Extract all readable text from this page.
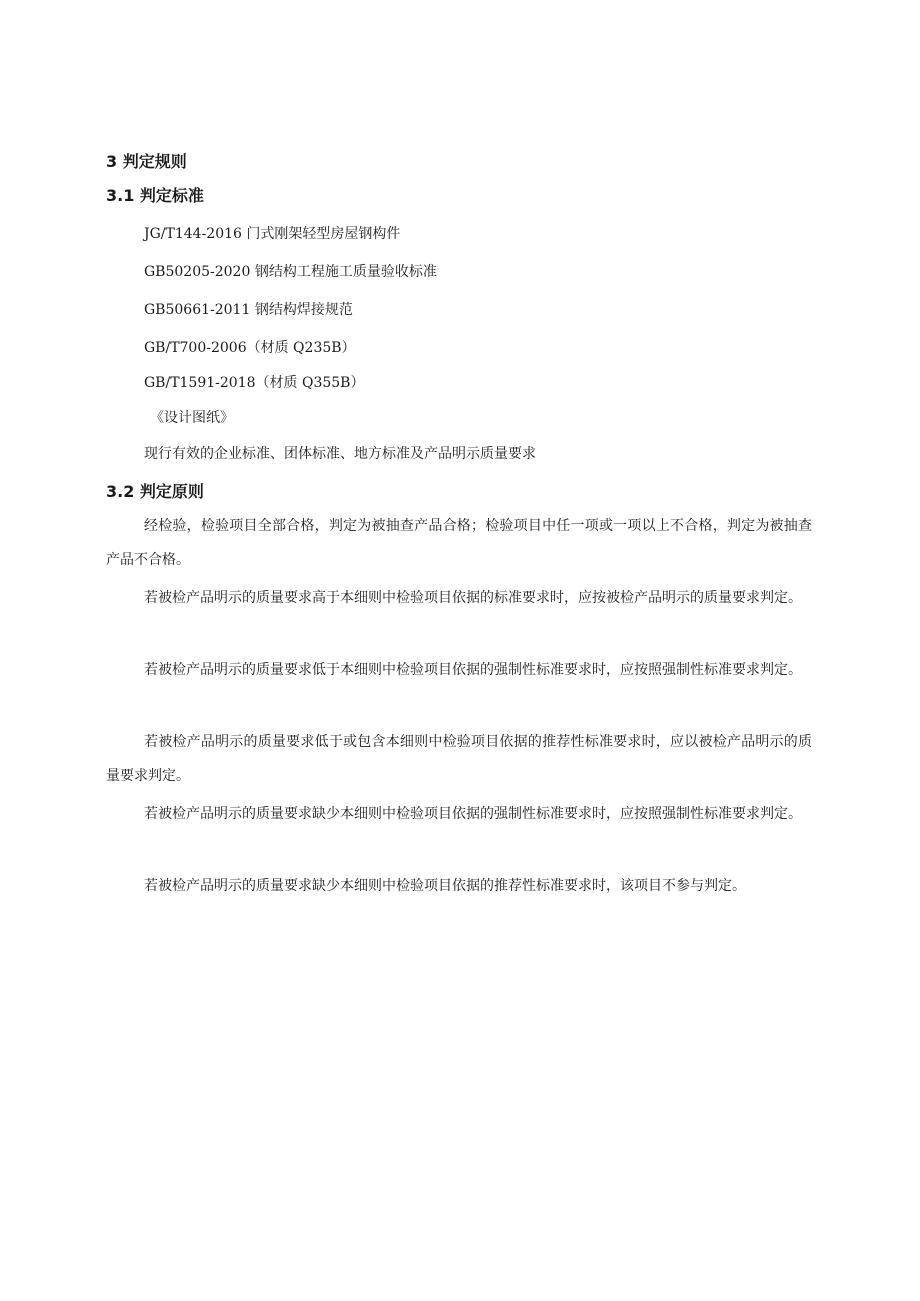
3 判定规则
3.1 判定标准
JG/T144-2016 门式刚架轻型房屋钢构件
GB50205-2020 钢结构工程施工质量验收标准
GB50661-2011 钢结构焊接规范
GB/T700-2006（材质 Q235B）
GB/T1591-2018（材质 Q355B）
《设计图纸》
现行有效的企业标准、团体标准、地方标准及产品明示质量要求
3.2 判定原则

经检验，检验项目全部合格，判定为被抽查产品合格；检验项目中任一项或一项以上不合格，判定为被抽查产品不合格。

若被检产品明示的质量要求高于本细则中检验项目依据的标准要求时，应按被检产品明示的质量要求判定。

若被检产品明示的质量要求低于本细则中检验项目依据的强制性标准要求时，应按照强制性标准要求判定。

若被检产品明示的质量要求低于或包含本细则中检验项目依据的推荐性标准要求时，应以被检产品明示的质量要求判定。

若被检产品明示的质量要求缺少本细则中检验项目依据的强制性标准要求时，应按照强制性标准要求判定。

若被检产品明示的质量要求缺少本细则中检验项目依据的推荐性标准要求时，该项目不参与判定。
